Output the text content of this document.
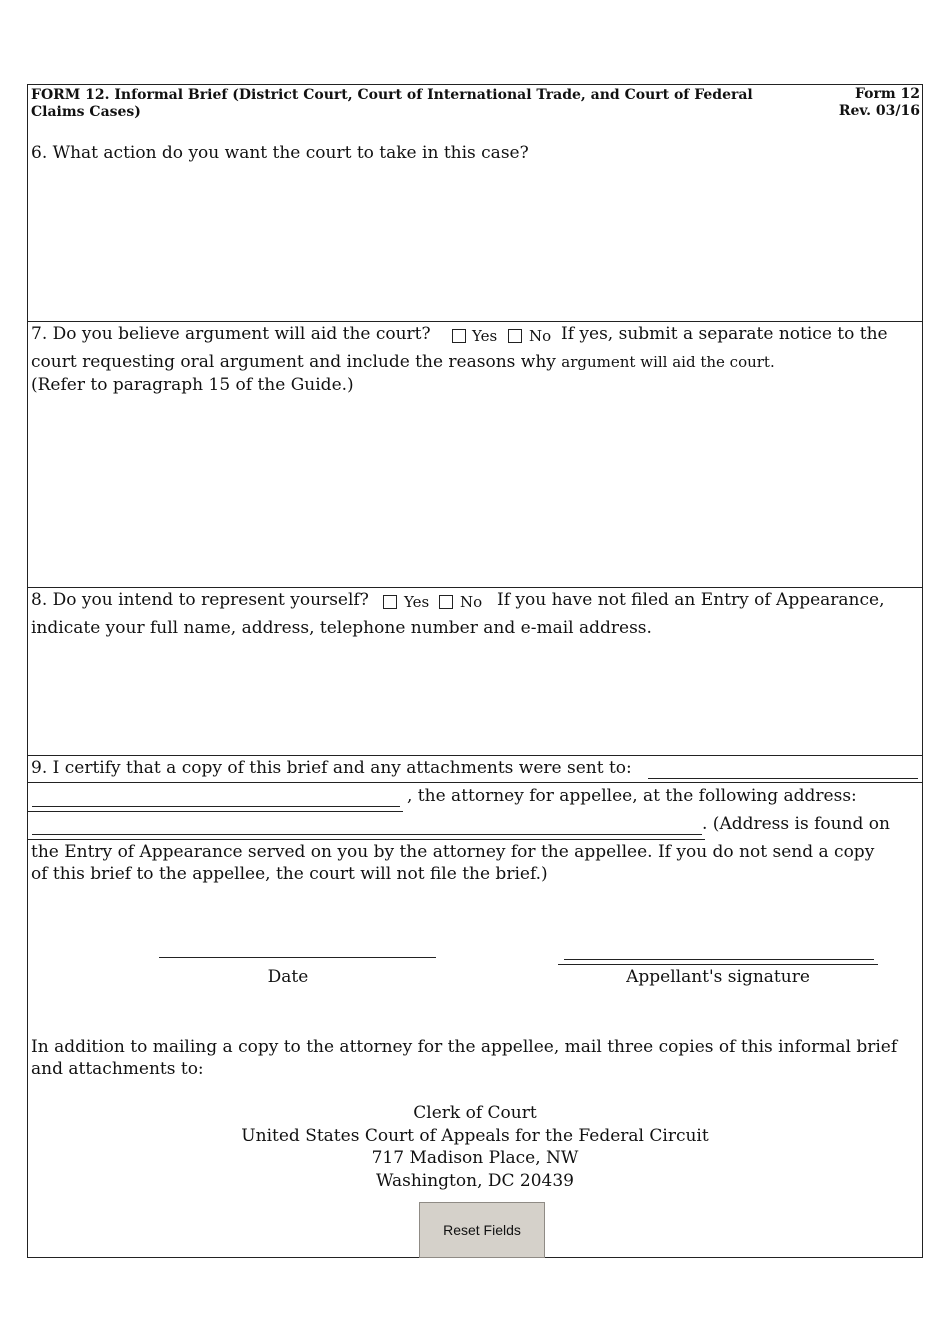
FORM 12. Informal Brief (District Court, Court of International Trade, and Court of Federal
Claims Cases)
Form 12
Rev. 03/16
6. What action do you want the court to take in this case?
7. Do you believe argument will aid the court?	Yes No If yes, submit a separate notice to the
court requesting oral argument and include the reasons why argument will aid the court.
(Refer to paragraph 15 of the Guide.)
8. Do you intend to represent yourself? Yes No If you have not filed an Entry of Appearance,
indicate your full name, address, telephone number and e-mail address.
9. I certify that a copy of this brief and any attachments were sent to:
, the attorney for appellee, at the following address:
. (Address is found on
the Entry of Appearance served on you by the attorney for the appellee. If you do not send a copy
of this brief to the appellee, the court will not file the brief.)
Date	Appellant's signature
In addition to mailing a copy to the attorney for the appellee, mail three copies of this informal brief
and attachments to:
Clerk of Court
United States Court of Appeals for the Federal Circuit
717 Madison Place, NW
Washington, DC 20439
Reset Fields
